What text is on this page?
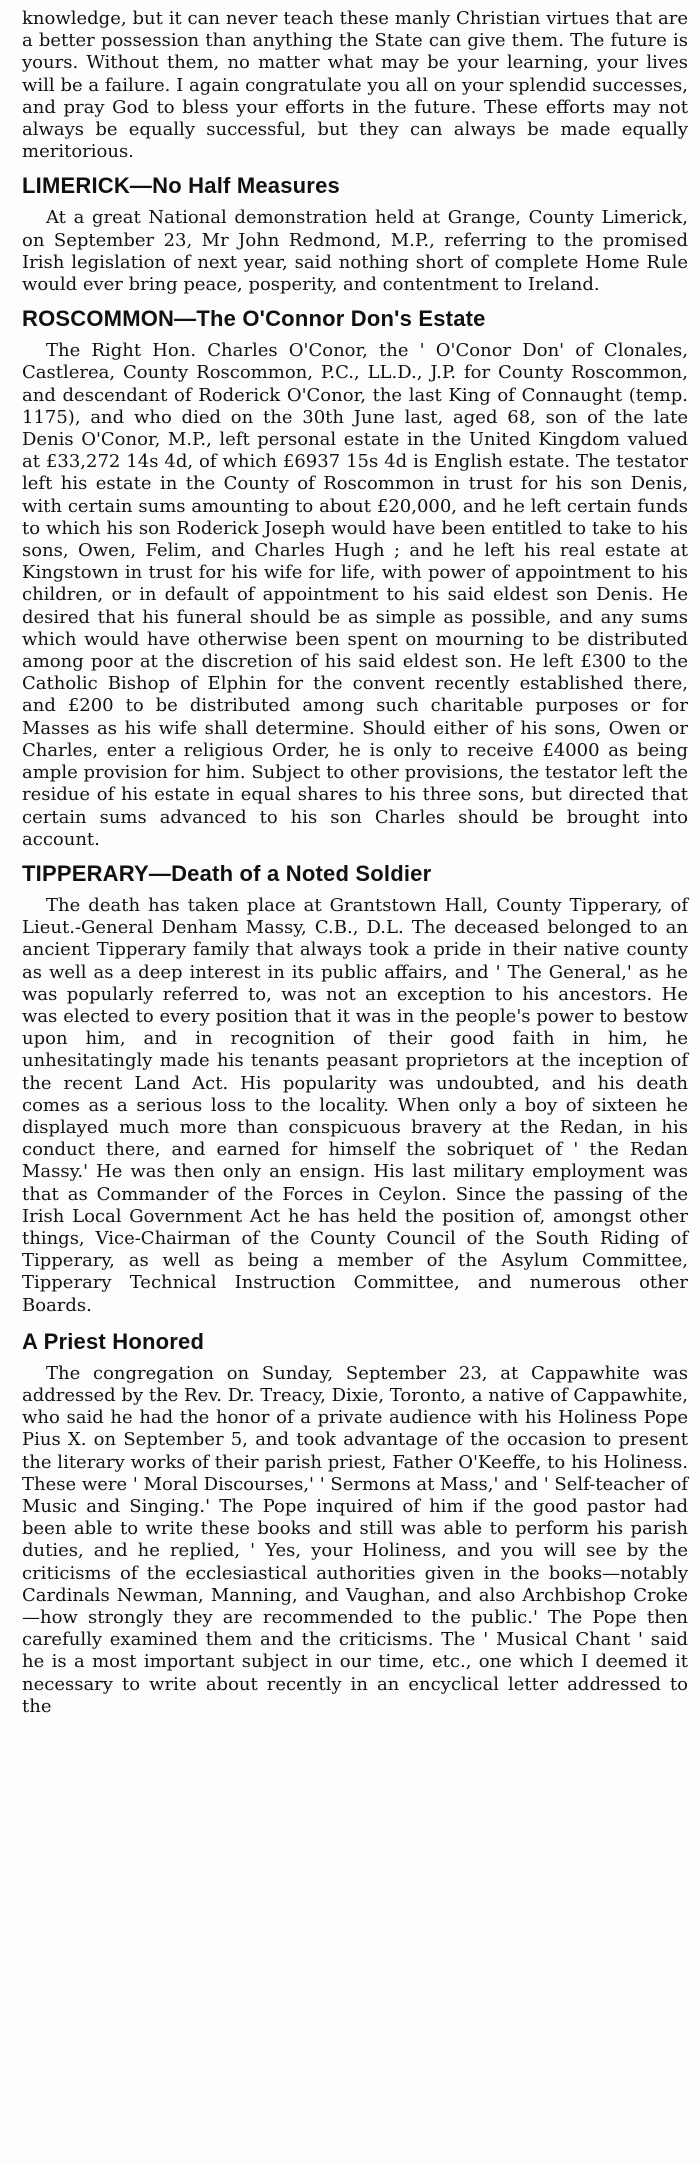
knowledge, but it can never teach these manly Christian virtues that are a better possession than anything the State can give them. The future is yours. Without them, no matter what may be your learning, your lives will be a failure. I again congratulate you all on your splendid successes, and pray God to bless your efforts in the future. These efforts may not always be equally successful, but they can always be made equally meritorious.

LIMERICK—No Half Measures

At a great National demonstration held at Grange, County Limerick, on September 23, Mr John Redmond, M.P., referring to the promised Irish legislation of next year, said nothing short of complete Home Rule would ever bring peace, posperity, and contentment to Ireland.

ROSCOMMON—The O'Connor Don's Estate

The Right Hon. Charles O'Conor, the ' O'Conor Don' of Clonales, Castlerea, County Roscommon, P.C., LL.D., J.P. for County Roscommon, and descendant of Roderick O'Conor, the last King of Connaught (temp. 1175), and who died on the 30th June last, aged 68, son of the late Denis O'Conor, M.P., left personal estate in the United Kingdom valued at £33,272 14s 4d, of which £6937 15s 4d is English estate. The testator left his estate in the County of Roscommon in trust for his son Denis, with certain sums amounting to about £20,000, and he left certain funds to which his son Roderick Joseph would have been entitled to take to his sons, Owen, Felim, and Charles Hugh ; and he left his real estate at Kingstown in trust for his wife for life, with power of appointment to his children, or in default of appointment to his said eldest son Denis. He desired that his funeral should be as simple as possible, and any sums which would have otherwise been spent on mourning to be distributed among poor at the discretion of his said eldest son. He left £300 to the Catholic Bishop of Elphin for the convent recently established there, and £200 to be distributed among such charitable purposes or for Masses as his wife shall determine. Should either of his sons, Owen or Charles, enter a religious Order, he is only to receive £4000 as being ample provision for him. Subject to other provisions, the testator left the residue of his estate in equal shares to his three sons, but directed that certain sums advanced to his son Charles should be brought into account.

TIPPERARY—Death of a Noted Soldier

The death has taken place at Grantstown Hall, County Tipperary, of Lieut.-General Denham Massy, C.B., D.L. The deceased belonged to an ancient Tipperary family that always took a pride in their native county as well as a deep interest in its public affairs, and ' The General,' as he was popularly referred to, was not an exception to his ancestors. He was elected to every position that it was in the people's power to bestow upon him, and in recognition of their good faith in him, he unhesitatingly made his tenants peasant proprietors at the inception of the recent Land Act. His popularity was undoubted, and his death comes as a serious loss to the locality. When only a boy of sixteen he displayed much more than conspicuous bravery at the Redan, in his conduct there, and earned for himself the sobriquet of ' the Redan Massy.' He was then only an ensign. His last military employment was that as Commander of the Forces in Ceylon. Since the passing of the Irish Local Government Act he has held the position of, amongst other things, Vice-Chairman of the County Council of the South Riding of Tipperary, as well as being a member of the Asylum Committee, Tipperary Technical Instruction Committee, and numerous other Boards.

A Priest Honored

The congregation on Sunday, September 23, at Cappawhite was addressed by the Rev. Dr. Treacy, Dixie, Toronto, a native of Cappawhite, who said he had the honor of a private audience with his Holiness Pope Pius X. on September 5, and took advantage of the occasion to present the literary works of their parish priest, Father O'Keeffe, to his Holiness. These were ' Moral Discourses,' ' Sermons at Mass,' and ' Self-teacher of Music and Singing.' The Pope inquired of him if the good pastor had been able to write these books and still was able to perform his parish duties, and he replied, ' Yes, your Holiness, and you will see by the criticisms of the ecclesiastical authorities given in the books—notably Cardinals Newman, Manning, and Vaughan, and also Archbishop Croke—how strongly they are recommended to the public.' The Pope then carefully examined them and the criticisms. The ' Musical Chant ' said he is a most important subject in our time, etc., one which I deemed it necessary to write about recently in an encyclical letter addressed to the
